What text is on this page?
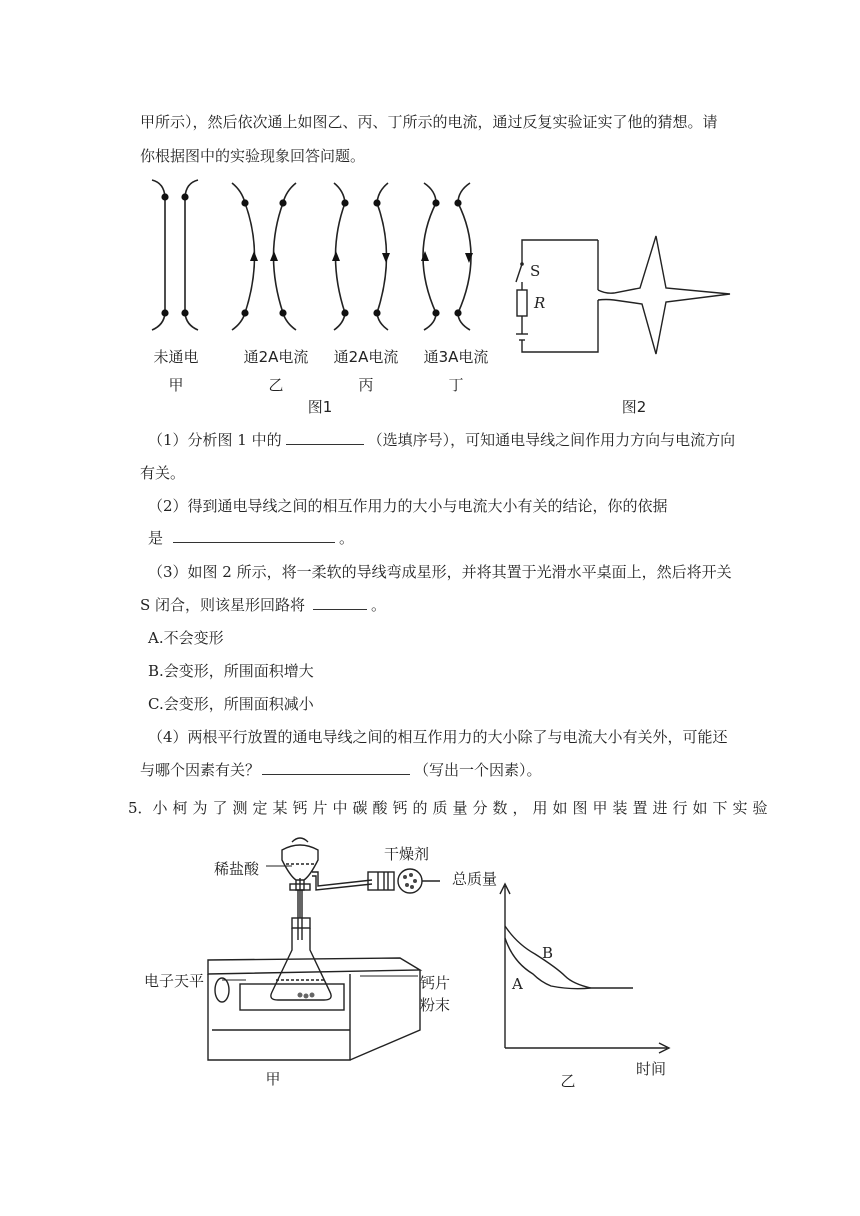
甲所示），然后依次通上如图乙、丙、丁所示的电流，通过反复实验证实了他的猜想。请
你根据图中的实验现象回答问题。
未通电
甲
通2A电流
乙
通2A电流
丙
通3A电流
丁
图1
S
R
图2
（1）分析图 1 中的	（选填序号），可知通电导线之间作用力方向与电流方向
有关。
（2）得到通电导线之间的相互作用力的大小与电流大小有关的结论，你的依据
是	。
（3）如图 2 所示，将一柔软的导线弯成星形，并将其置于光滑水平桌面上，然后将开关
S 闭合，则该星形回路将	。
A.不会变形
B.会变形，所围面积增大
C.会变形，所围面积减小
（4）两根平行放置的通电导线之间的相互作用力的大小除了与电流大小有关外，可能还
与哪个因素有关？	（写出一个因素）。
5．小柯为了测定某钙片中碳酸钙的质量分数，用如图甲装置进行如下实验
稀盐酸
干燥剂
电子天平	钙片
粉末
甲
总质量
时间
B
A
乙
